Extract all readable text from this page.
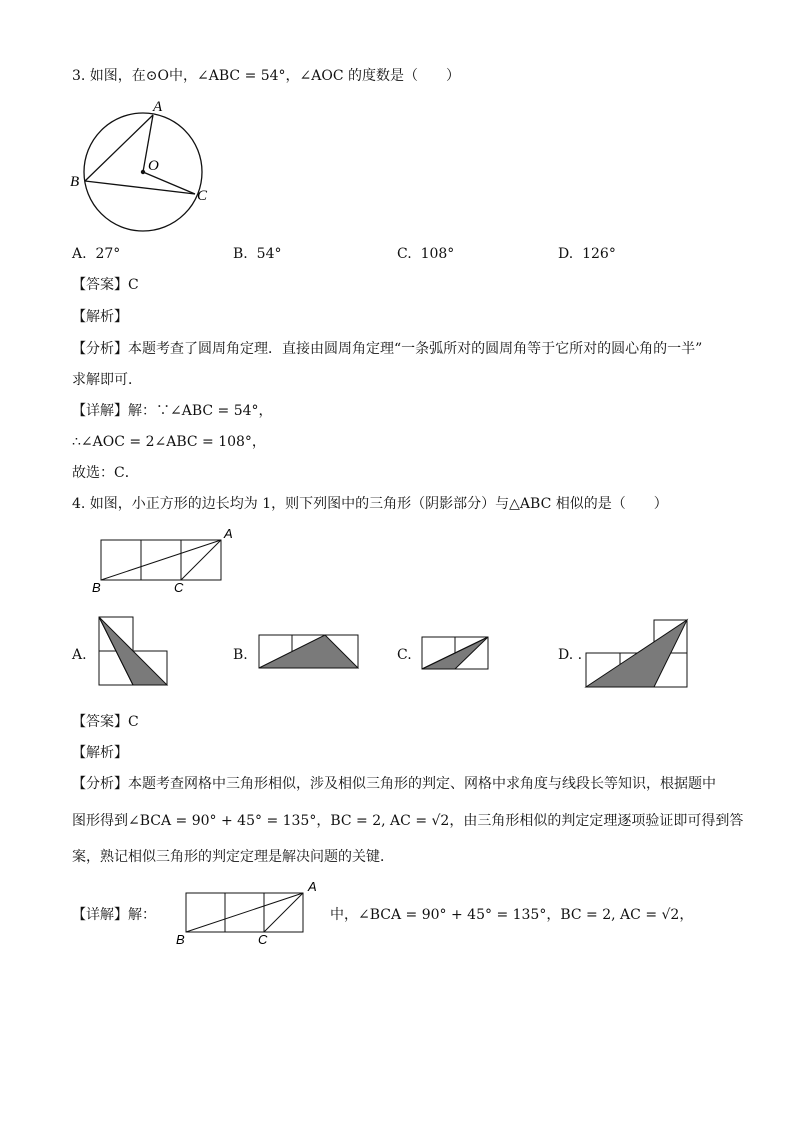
3. 如图，在⊙O中，∠ABC = 54°，∠AOC 的度数是（　　）
A
O
B
C
A. 27°	B. 54°	C. 108°	D. 126°
【答案】C
【解析】
【分析】本题考查了圆周角定理．直接由圆周角定理“一条弧所对的圆周角等于它所对的圆心角的一半”
求解即可．
【详解】解：∵∠ABC = 54°，
∴∠AOC = 2∠ABC = 108°，
故选：C．
4. 如图，小正方形的边长均为 1，则下列图中的三角形（阴影部分）与△ABC 相似的是（　　）
A
B	C
A.	B.	C.	D. .
【答案】C
【解析】
【分析】本题考查网格中三角形相似，涉及相似三角形的判定、网格中求角度与线段长等知识，根据题中
图形得到∠BCA = 90° + 45° = 135°，BC = 2, AC = √2，由三角形相似的判定定理逐项验证即可得到答
案，熟记相似三角形的判定定理是解决问题的关键．
【详解】解：
A
B	C
中，∠BCA = 90° + 45° = 135°，BC = 2, AC = √2，
